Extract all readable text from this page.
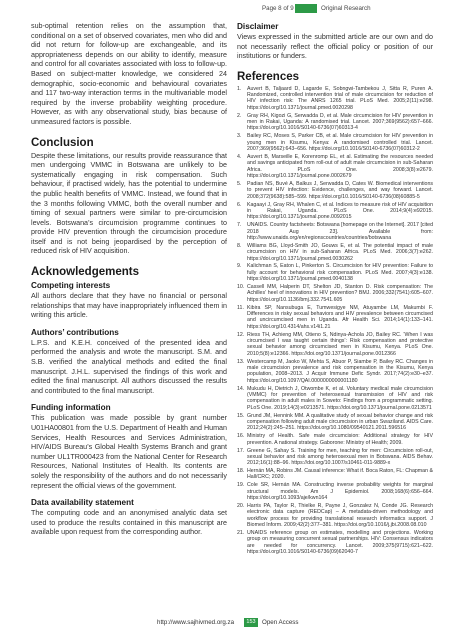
Page 8 of 9	Original Research

sub-optimal retention relies on the assumption that, conditional on a set of observed covariates, men who did and did not return for follow-up are exchangeable, and its appropriateness depends on our ability to identify, measure and control for all covariates associated with loss to follow-up. Based on subject-matter knowledge, we considered 24 demographic, socio-economic and behavioural covariates and 117 two-way interaction terms in the multivariable model required by the inverse probability weighting procedure. However, as with any observational study, bias because of unmeasured factors is possible.

Conclusion

Despite these limitations, our results provide reassurance that men undergoing VMMC in Botswana are unlikely to be systematically engaging in risk compensation. Such behaviour, if practised widely, has the potential to undermine the public health benefits of VMMC. Instead, we found that in the 3 months following VMMC, both the overall number and timing of sexual partners were similar to pre-circumcision levels. Botswana’s circumcision programme continues to provide HIV prevention through the circumcision procedure itself and is not being jeopardised by the perception of reduced risk of HIV acquisition.

Acknowledgements
Competing interests

All authors declare that they have no financial or personal relationships that may have inappropriately influenced them in writing this article.

Authors’ contributions

L.P.S. and K.E.H. conceived of the presented idea and performed the analysis and wrote the manuscript. S.M. and S.B. verified the analytical methods and edited the final manuscript. J.H.L. supervised the findings of this work and edited the final manuscript. All authors discussed the results and contributed to the final manuscript.

Funding information

This publication was made possible by grant number U01HA00801 from the U.S. Department of Health and Human Services, Health Resources and Services Administration, HIV/AIDS Bureau’s Global Health Systems Branch and grant number UL1TR000423 from the National Center for Research Resources, National Institutes of Health. Its contents are solely the responsibility of the authors and do not necessarily represent the official views of the government.

Data availability statement

The computing code and an anonymised analytic data set used to produce the results contained in this manuscript are available upon request from the corresponding author.

Disclaimer

Views expressed in the submitted article are our own and do not necessarily reflect the official policy or position of our institutions or funders.

References
1.	Auvert B, Taljaard D, Lagarde E, Sobngwi-Tambekou J, Sitta R, Puren A. Randomized, controlled intervention trial of male circumcision for reduction of HIV infection risk: The ANRS 1265 trial. PLoS Med. 2005;2(11):e298. https://doi.org/10.1371/journal.pmed.0020298
2.	Gray RH, Kigozi G, Serwadda D, et al. Male circumcision for HIV prevention in men in Rakai, Uganda: A randomised trial. Lancet. 2007;369(9562):657–666. https://doi.org/10.1016/S0140-6736(07)60313-4
3.	Bailey RC, Moses S, Parker CB, et al. Male circumcision for HIV prevention in young men in Kisumu, Kenya: A randomised controlled trial. Lancet. 2007;369(9562):643–656. https://doi.org/10.1016/S0140-6736(07)60312-2
4.	Auvert B, Marseille E, Korenromp EL, et al. Estimating the resources needed and savings anticipated from roll-out of adult male circumcision in sub-Saharan Africa. PLoS One. 2008;3(8):e2679. https://doi.org/10.1371/journal.pone.0002679
5.	Padian NS, Buvé A, Balkus J, Serwadda D, Cates W. Biomedical interventions to prevent HIV infection: Evidence, challenges, and way forward. Lancet. 2008;372(9638):585–599. https://doi.org/10.1016/S0140-6736(08)60885-5
6.	Kagaayi J, Gray RH, Whalen C, et al. Indices to measure risk of HIV acquisition in Rakai, Uganda. PLoS One. 2014;9(4):e92015. https://doi.org/10.1371/journal.pone.0092015
7.	UNAIDS. Country factsheets: Botswana [homepage on the Internet]. 2017 [cited 2018 Aug 23]. Available from: http://www.unaids.org/en/regionscountries/countries/botswana
8.	Williams BG, Lloyd-Smith JO, Gouws E, et al. The potential impact of male circumcision on HIV in sub-Saharan Africa. PLoS Med. 2006;3(7):e262. https://doi.org/10.1371/journal.pmed.0030262
9.	Kalichman S, Eaton L, Pinkerton S. Circumcision for HIV prevention: Failure to fully account for behavioral risk compensation. PLoS Med. 2007;4(3):e138. https://doi.org/10.1371/journal.pmed.0040138
10. Cassell MM, Halperin DT, Shelton JD, Stanton D. Risk compensation: The Achilles’ heel of innovations in HIV prevention? BMJ. 2006;332(7541):605–607. https://doi.org/10.1136/bmj.332.7541.605
11. Kibira SP, Nansubuga E, Tumwesigye NM, Atuyambe LM, Makumbi F. Differences in risky sexual behaviors and HIV prevalence between circumcised and uncircumcised men in Uganda. Afr Health Sci. 2014;14(1):133–141. https://doi.org/10.4314/ahs.v14i1.21
12. Riess TH, Achieng MM, Otieno S, Ndinya-Achola JO, Bailey RC. ‘When I was circumcised I was taught certain things’: Risk compensation and protective sexual behavior among circumcised men in Kisumu, Kenya. PLoS One. 2010;5(8):e12366. https://doi.org/10.1371/journal.pone.0012366
13. Westercamp M, Jaoko W, Mehta S, Abuor P, Siambe P, Bailey RC. Changes in male circumcision prevalence and risk compensation in the Kisumu, Kenya population, 2008–2013. J Acquir Immune Defic Syndr. 2017;74(2):e30–e37. https://doi.org/10.1097/QAI.0000000000001180
14. Mukudu H, Dietrich J, Otwombe K, et al. Voluntary medical male circumcision (VMMC) for prevention of heterosexual transmission of HIV and risk compensation in adult males in Soweto: Findings from a programmatic setting. PLoS One. 2019;14(3):e0213571. https://doi.org/10.1371/journal.pone.0213571
15. Grund JM, Hennink MM. A qualitative study of sexual behavior change and risk compensation following adult male circumcision in urban Swaziland. AIDS Care. 2012;24(2):245–251. https://doi.org/10.1080/09540121.2011.596516
16. Ministry of Health. Safe male circumcision: Additional strategy for HIV prevention. A national strategy. Gaborone: Ministry of Health; 2009.
17. Greene G, Sahay S. Training for men, teaching for men: Circumcision roll-out, sexual behavior and risk among heterosexual men in Botswana. AIDS Behav. 2012;16(1):88–96. https://doi.org/10.1007/s10461-011-9889-x
18. Hernán MA, Robins JM. Causal inference: What if. Boca Raton, FL: Chapman & Hall/CRC; 2020.
19. Cole SR, Hernán MA. Constructing inverse probability weights for marginal structural models. Am J Epidemiol. 2008;168(6):656–664. https://doi.org/10.1093/aje/kwn164
20. Harris PA, Taylor R, Thielke R, Payne J, Gonzalez N, Conde JG. Research electronic data capture (REDCap) – A metadata-driven methodology and workflow process for providing translational research informatics support. J Biomed Inform. 2009;42(2):377–381. https://doi.org/10.1016/j.jbi.2008.08.010
21. UNAIDS reference group on estimates, modelling and projections. Working group on measuring concurrent sexual partnerships. HIV: Consensus indicators are needed for concurrency. Lancet. 2009;375(9715):621–622. https://doi.org/10.1016/S0140-6736(09)62040-7
http://www.sajhivmed.org.za	153	Open Access
